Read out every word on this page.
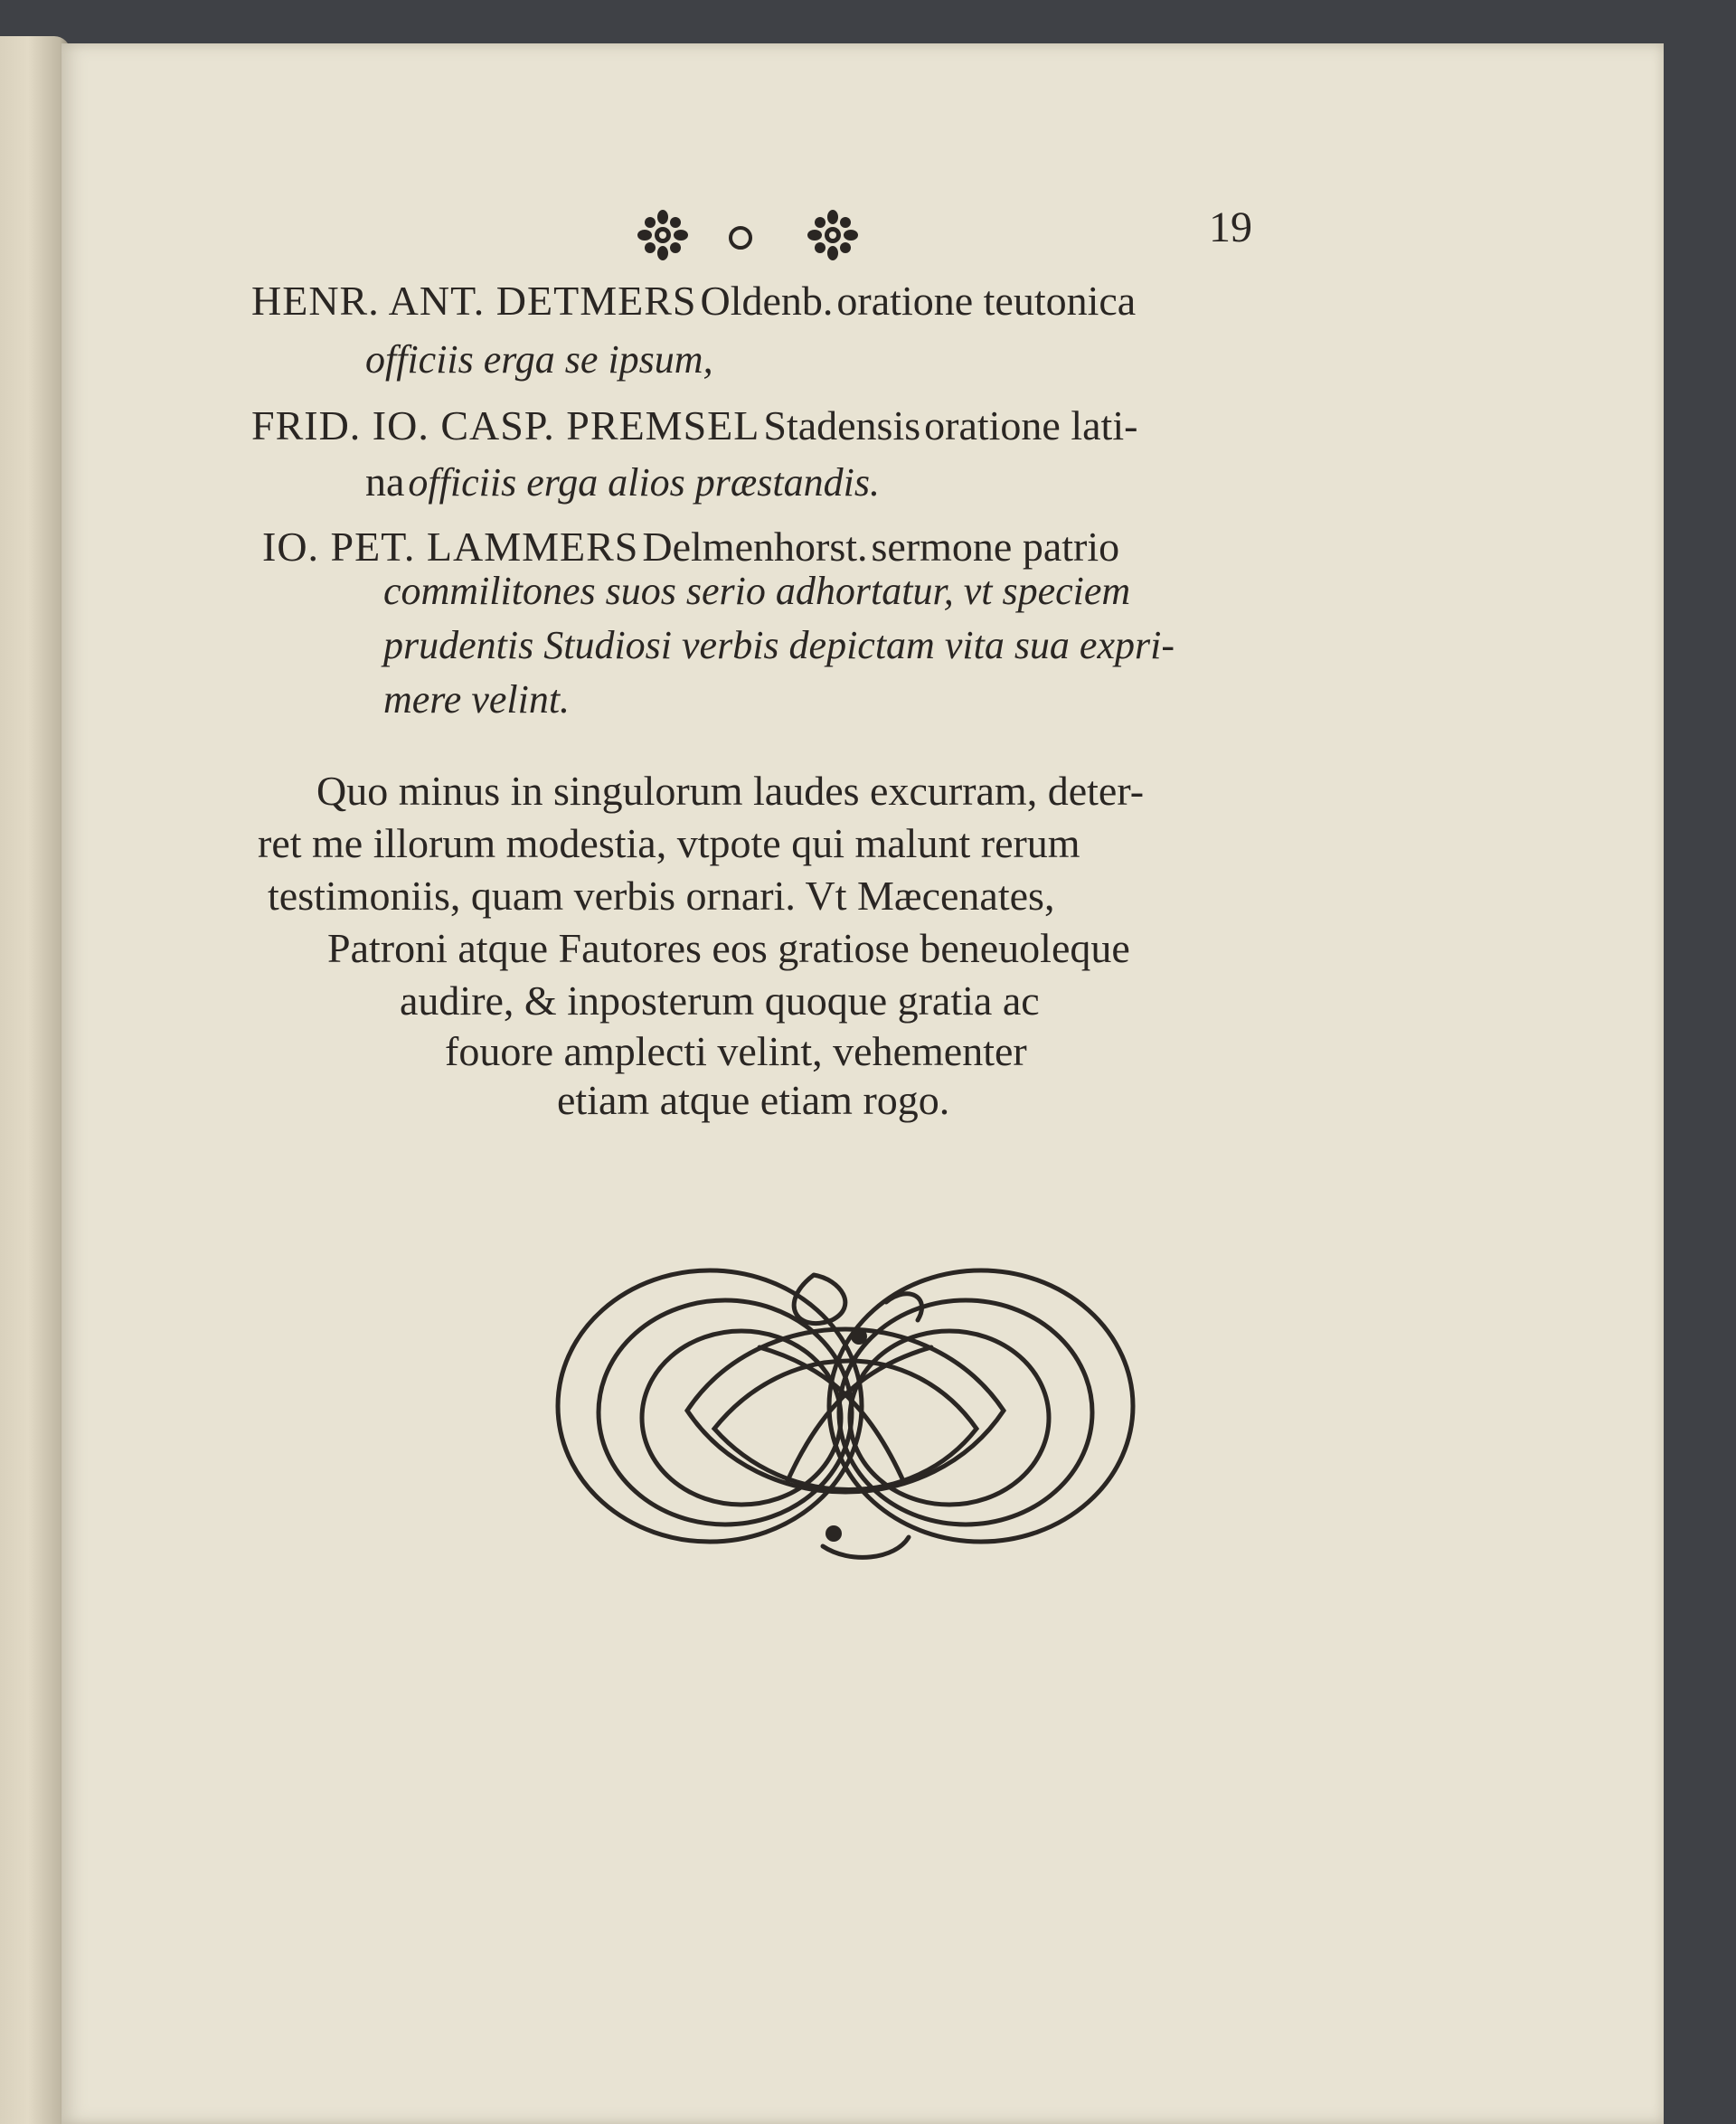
19
HENR. ANT. DETMERS Oldenb. oratione teutonica
officiis erga se ipsum,
FRID. IO. CASP. PREMSEL Stadensis oratione lati-
na officiis erga alios præstandis.
IO. PET. LAMMERS Delmenhorst. sermone patrio
commilitones suos serio adhortatur, vt speciem
prudentis Studiosi verbis depictam vita sua expri-
mere velint.
Quo minus in singulorum laudes excurram, deter-
ret me illorum modestia, vtpote qui malunt rerum
testimoniis, quam verbis ornari. Vt Mæcenates,
Patroni atque Fautores eos gratiose beneuoleque
audire, & inposterum quoque gratia ac
fouore amplecti velint, vehementer
etiam atque etiam rogo.
